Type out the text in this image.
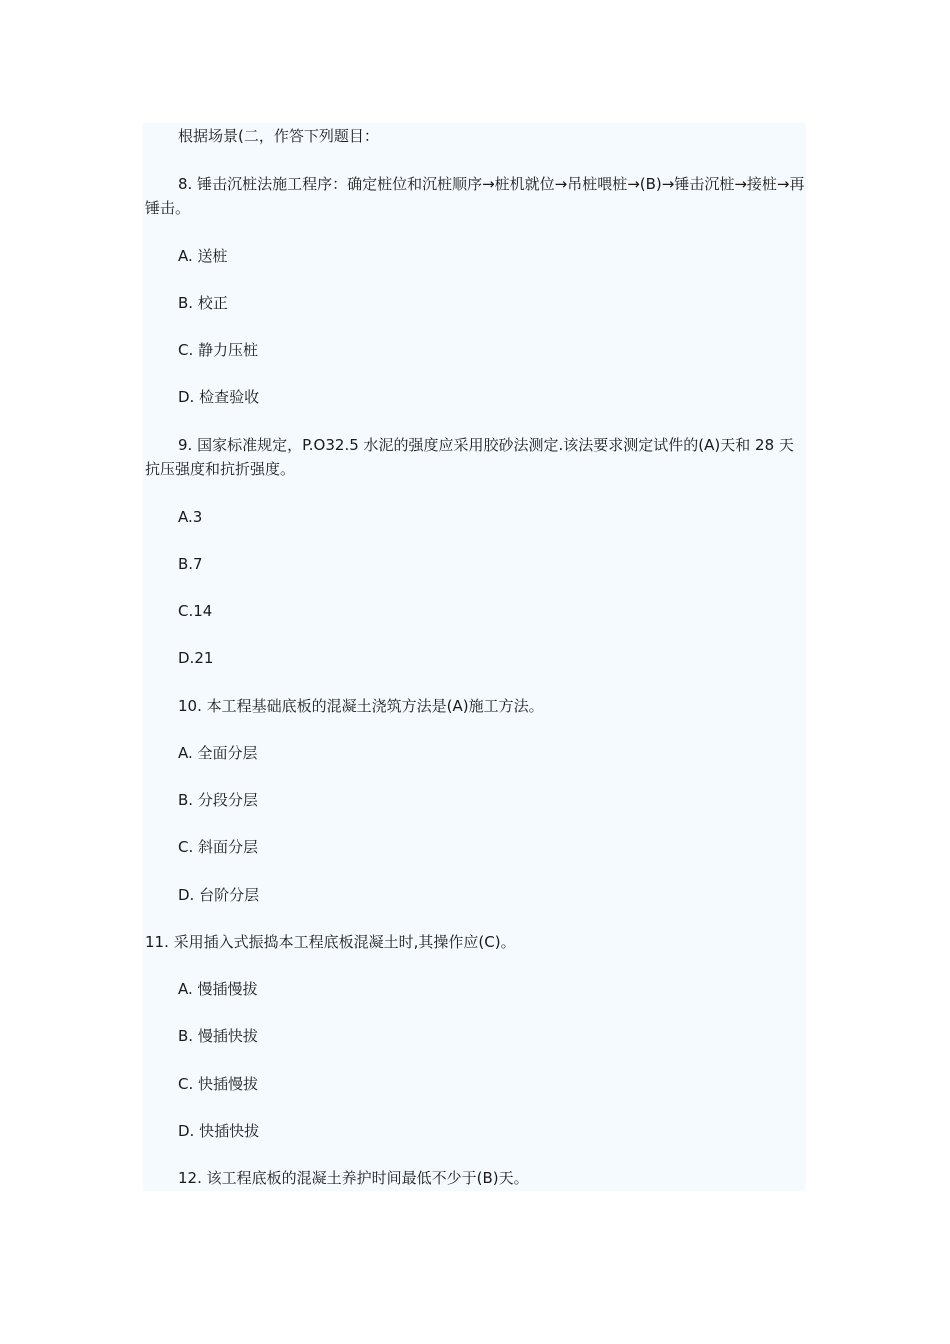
根据场景(二，作答下列题目：

8. 锤击沉桩法施工程序：确定桩位和沉桩顺序→桩机就位→吊桩喂桩→(B)→锤击沉桩→接桩→再锤击。

A. 送桩

B. 校正

C. 静力压桩

D. 检查验收

9. 国家标准规定，P.O32.5 水泥的强度应采用胶砂法测定.该法要求测定试件的(A)天和 28 天抗压强度和抗折强度。

A.3

B.7

C.14

D.21

10. 本工程基础底板的混凝土浇筑方法是(A)施工方法。

A. 全面分层

B. 分段分层

C. 斜面分层

D. 台阶分层

11. 采用插入式振捣本工程底板混凝土时,其操作应(C)。

A. 慢插慢拔

B. 慢插快拔

C. 快插慢拔

D. 快插快拔

12. 该工程底板的混凝土养护时间最低不少于(B)天。
